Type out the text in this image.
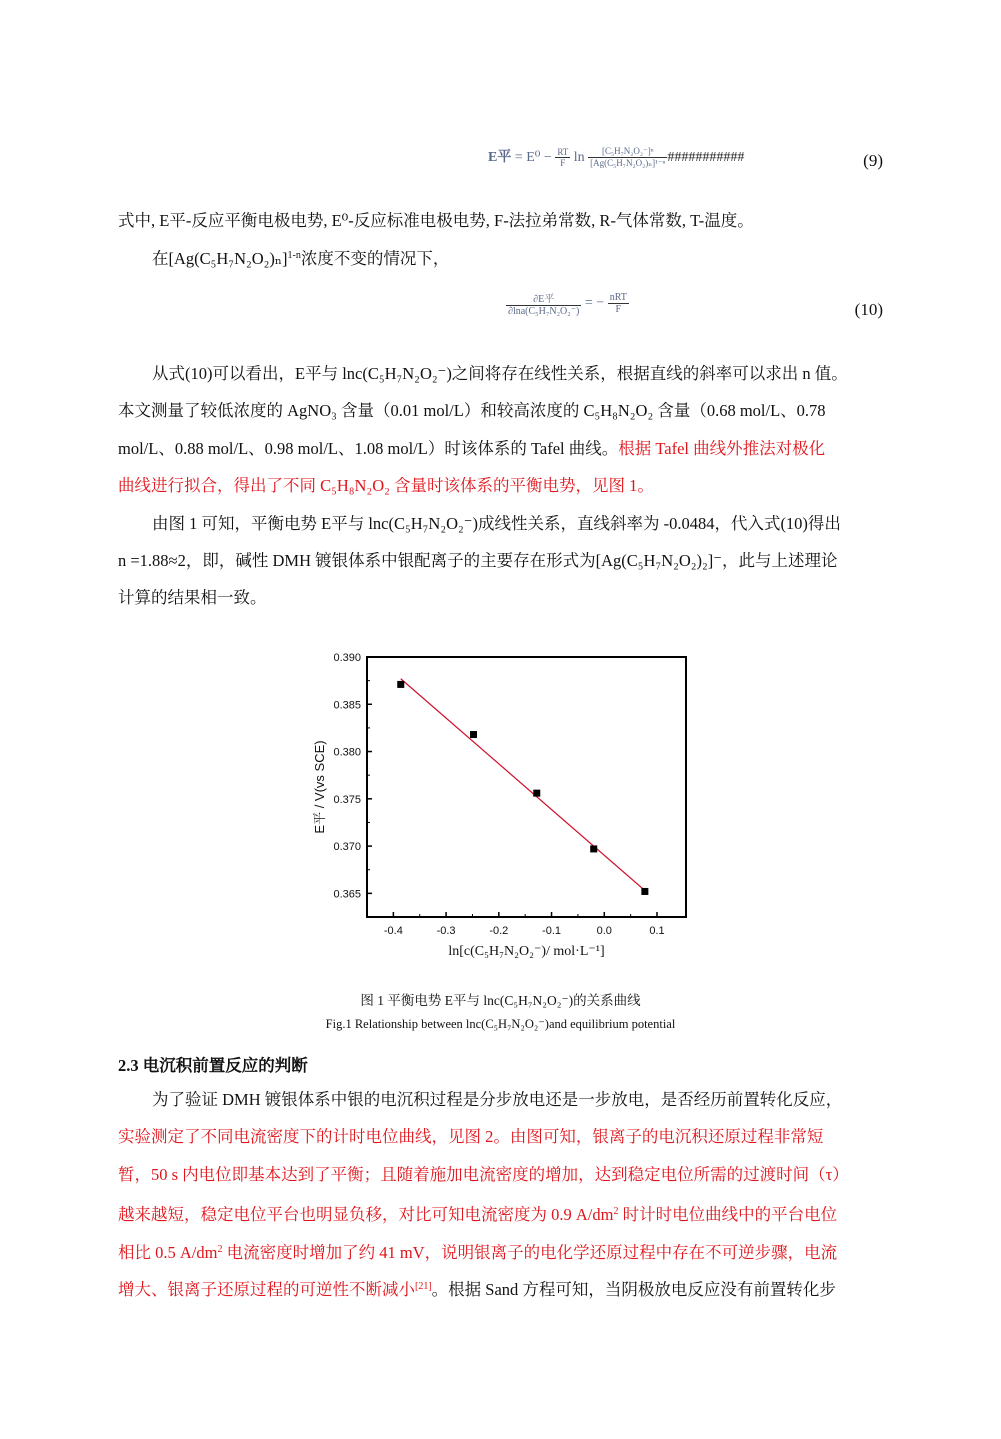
E平 = $E^0 - \frac{RT}{F}$ $\ln \frac{\text{[C₅H₇N₂O₂⁻]ⁿ}}{\text{[Ag(C₅H₇N₂O₂)ₙ]¹⁻ⁿ}}$ ###########	(9)
式中, E平-反应平衡电极电势, E⁰-反应标准电极电势, F-法拉弟常数, R-气体常数, T-温度。
在$[Ag(C_5H_7N_2O_2)_n]^{1-n}$浓度不变的情况下，
$\frac{\text{∂E平}}{\text{∂lna(C₅H₇N₂O₂⁻)}}$ = − $\frac{\text{nRT}}{F}$	(10)
从式(10)可以看出，E平与 lnc(C₅H₇N₂O₂⁻)之间将存在线性关系，根据直线的斜率可以求出 n 值。
本文测量了较低浓度的 AgNO₃ 含量（0.01 mol/L）和较高浓度的 C₅H₈N₂O₂ 含量（0.68 mol/L、0.78
mol/L、0.88 mol/L、0.98 mol/L、1.08 mol/L）时该体系的 Tafel 曲线。根据 Tafel 曲线外推法对极化
曲线进行拟合，得出了不同 C₅H₈N₂O₂ 含量时该体系的平衡电势，见图 1。
由图 1 可知，平衡电势 E平与 lnc(C₅H₇N₂O₂⁻)成线性关系，直线斜率为 -0.0484，代入式(10)得出
n =1.88≈2，即，碱性 DMH 镀银体系中银配离子的主要存在形式为[Ag(C₅H₇N₂O₂)₂]⁻，此与上述理论
计算的结果相一致。
-0.4	-0.3	-0.2	-0.1	0.0	0.1
0.365
0.370
0.375
0.380
0.385
0.390
ln[c(C₅H₇N₂O₂⁻)/ mol·L⁻¹]
E平 / V(vs SCE)
图 1 平衡电势 E平与 lnc(C₅H₇N₂O₂⁻)的关系曲线
Fig.1 Relationship between lnc(C₅H₇N₂O₂⁻)and equilibrium potential
2.3 电沉积前置反应的判断
为了验证 DMH 镀银体系中银的电沉积过程是分步放电还是一步放电，是否经历前置转化反应，
实验测定了不同电流密度下的计时电位曲线，见图 2。由图可知，银离子的电沉积还原过程非常短
暂，50 s 内电位即基本达到了平衡；且随着施加电流密度的增加，达到稳定电位所需的过渡时间（τ）
越来越短，稳定电位平台也明显负移，对比可知电流密度为 0.9 $A/dm^2$ 时计时电位曲线中的平台电位
相比 0.5 $A/dm^2$ 电流密度时增加了约 41 mV，说明银离子的电化学还原过程中存在不可逆步骤，电流
增大、银离子还原过程的可逆性不断减小[21]。根据 Sand 方程可知，当阴极放电反应没有前置转化步
